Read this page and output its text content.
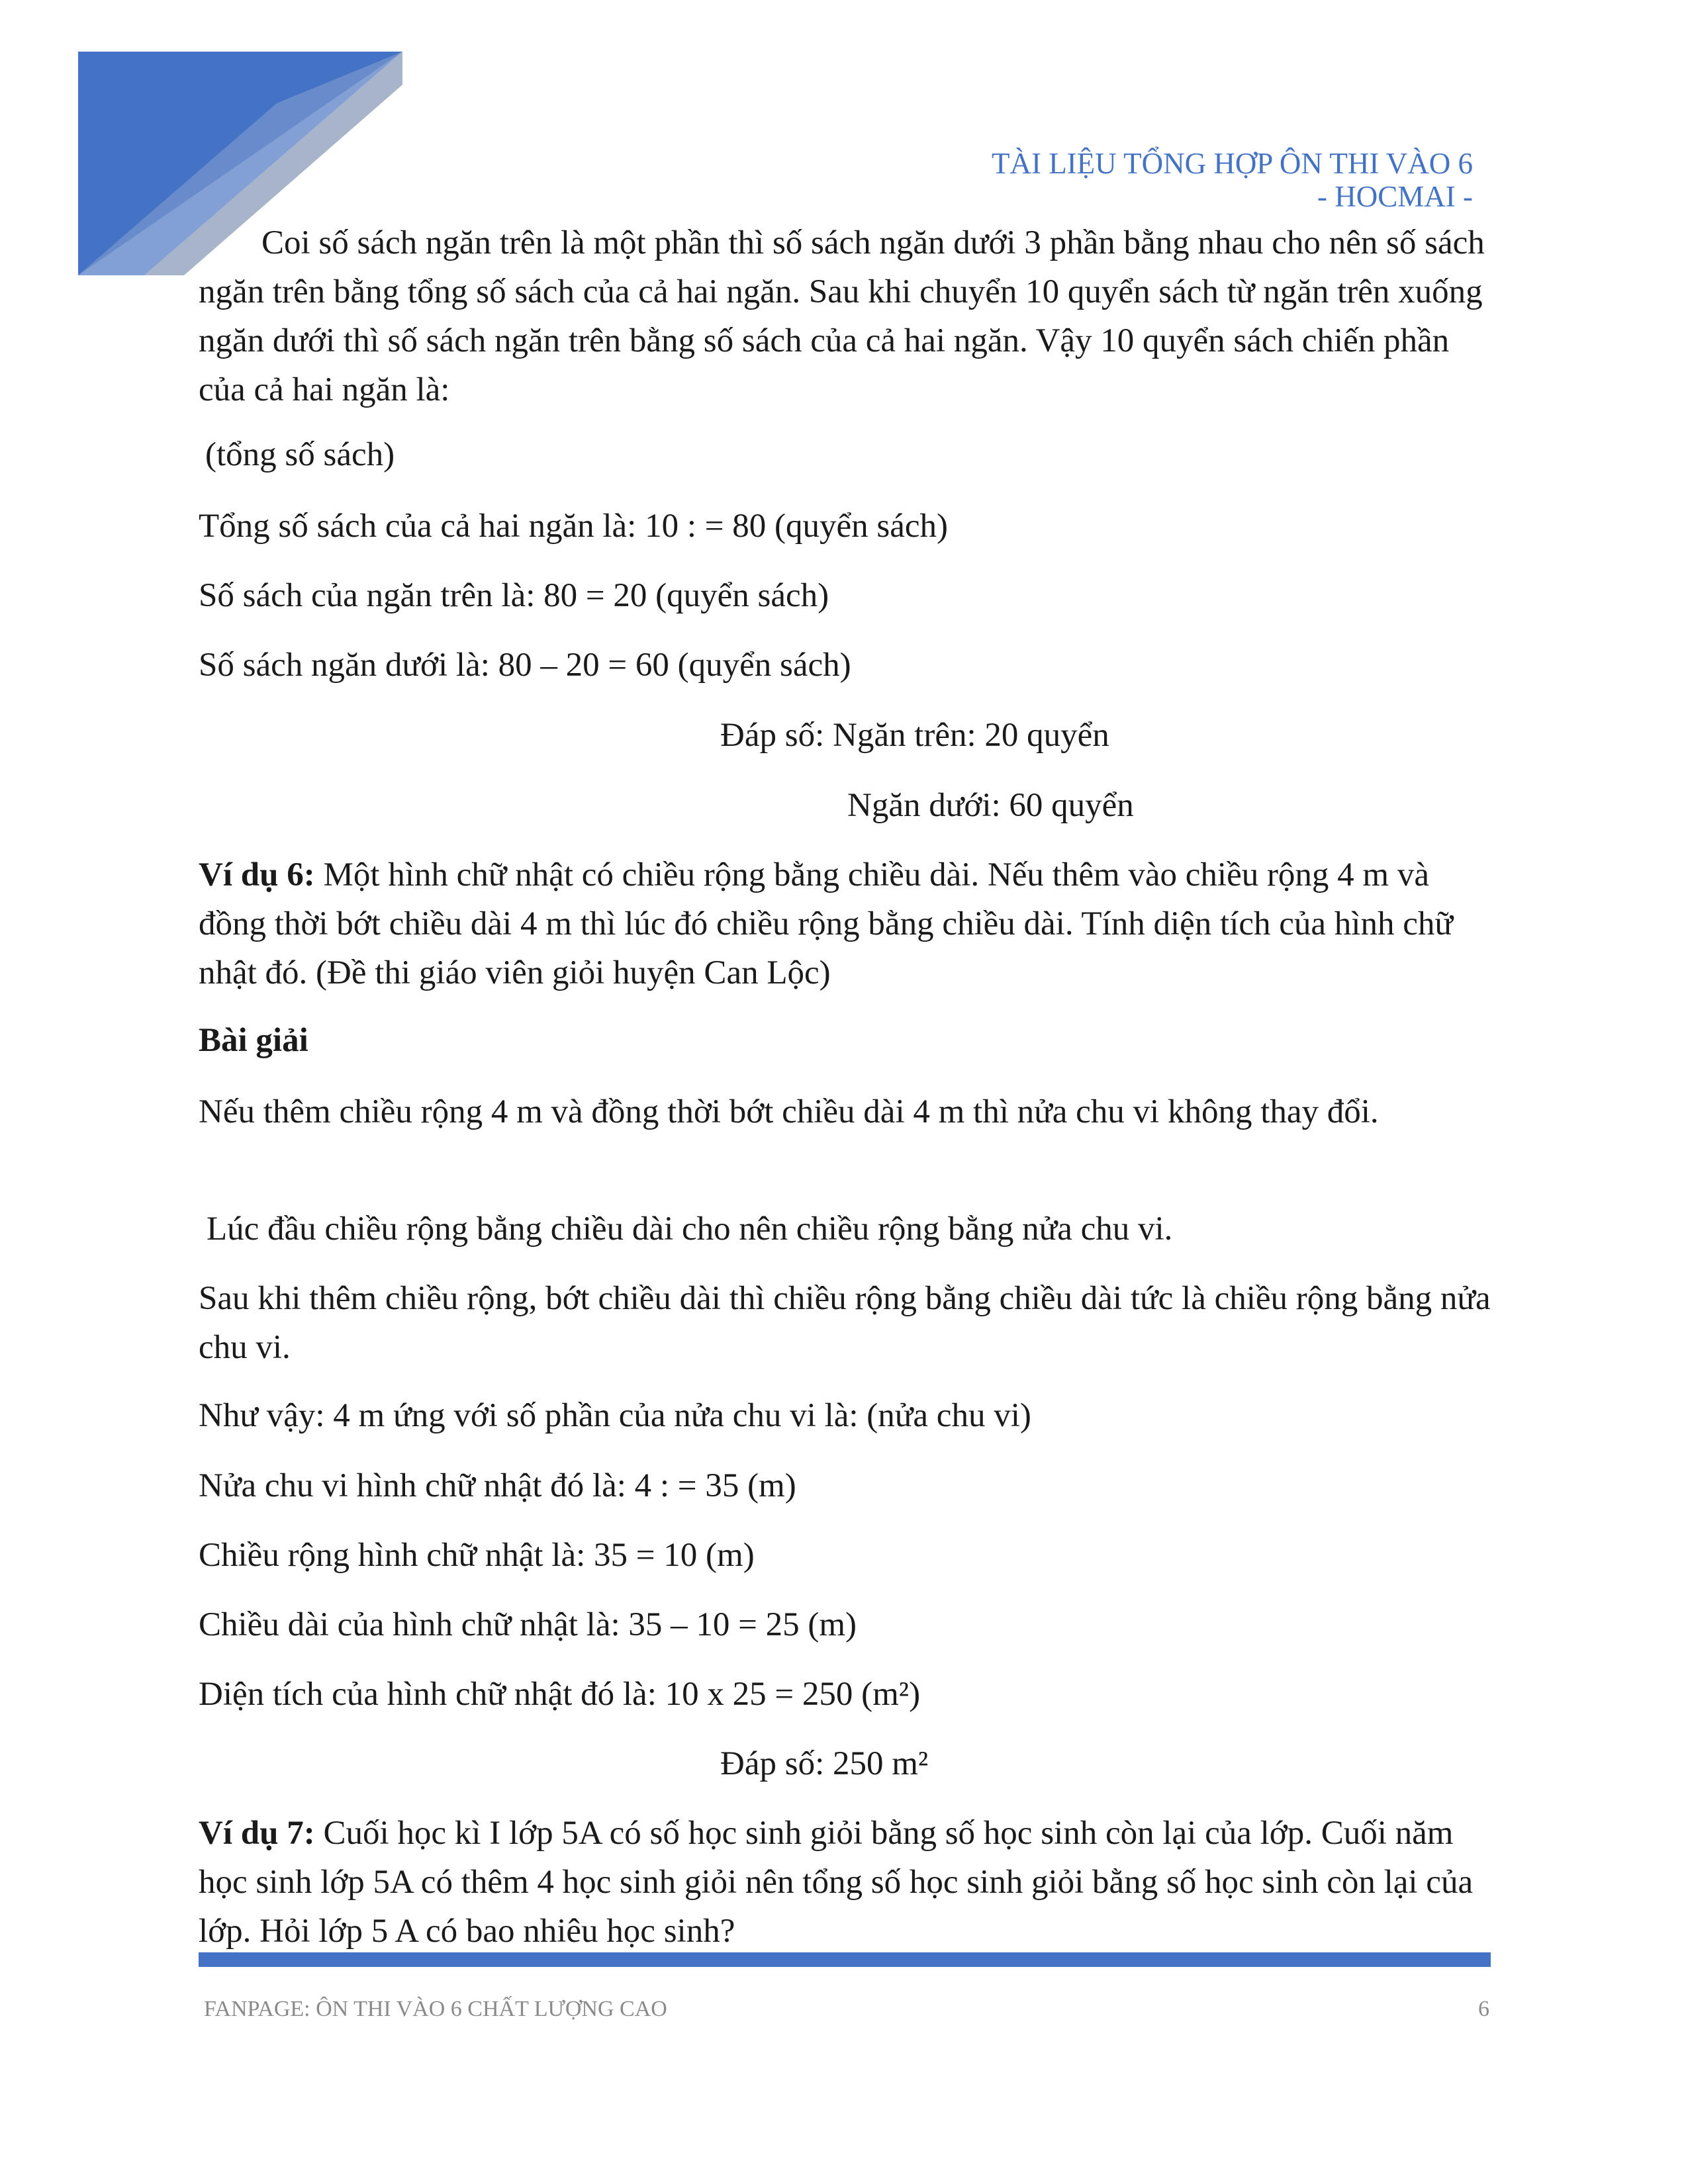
TÀI LIỆU TỔNG HỢP ÔN THI VÀO 6
- HOCMAI -

Coi số sách ngăn trên là một phần thì số sách ngăn dưới 3 phần bằng nhau cho nên số sách ngăn trên bằng tổng số sách của cả hai ngăn. Sau khi chuyển 10 quyển sách từ ngăn trên xuống ngăn dưới thì số sách ngăn trên bằng số sách của cả hai ngăn. Vậy 10 quyển sách chiến phần của cả hai ngăn là:

(tổng số sách)

Tổng số sách của cả hai ngăn là: 10 : = 80 (quyển sách)

Số sách của ngăn trên là: 80 = 20 (quyển sách)

Số sách ngăn dưới là: 80 – 20 = 60 (quyển sách)

Đáp số: Ngăn trên: 20 quyển

Ngăn dưới: 60 quyển

Ví dụ 6: Một hình chữ nhật có chiều rộng bằng chiều dài. Nếu thêm vào chiều rộng 4 m và đồng thời bớt chiều dài 4 m thì lúc đó chiều rộng bằng chiều dài. Tính diện tích của hình chữ nhật đó. (Đề thi giáo viên giỏi huyện Can Lộc)

Bài giải

Nếu thêm chiều rộng 4 m và đồng thời bớt chiều dài 4 m thì nửa chu vi không thay đổi.

Lúc đầu chiều rộng bằng chiều dài cho nên chiều rộng bằng nửa chu vi.

Sau khi thêm chiều rộng, bớt chiều dài thì chiều rộng bằng chiều dài tức là chiều rộng bằng nửa chu vi.

Như vậy: 4 m ứng với số phần của nửa chu vi là: (nửa chu vi)

Nửa chu vi hình chữ nhật đó là: 4 : = 35 (m)

Chiều rộng hình chữ nhật là: 35 = 10 (m)

Chiều dài của hình chữ nhật là: 35 – 10 = 25 (m)

Diện tích của hình chữ nhật đó là: 10 x 25 = 250 (m²)

Đáp số: 250 m²

Ví dụ 7: Cuối học kì I lớp 5A có số học sinh giỏi bằng số học sinh còn lại của lớp. Cuối năm học sinh lớp 5A có thêm 4 học sinh giỏi nên tổng số học sinh giỏi bằng số học sinh còn lại của lớp. Hỏi lớp 5 A có bao nhiêu học sinh?

FANPAGE: ÔN THI VÀO 6 CHẤT LƯỢNG CAO	6
